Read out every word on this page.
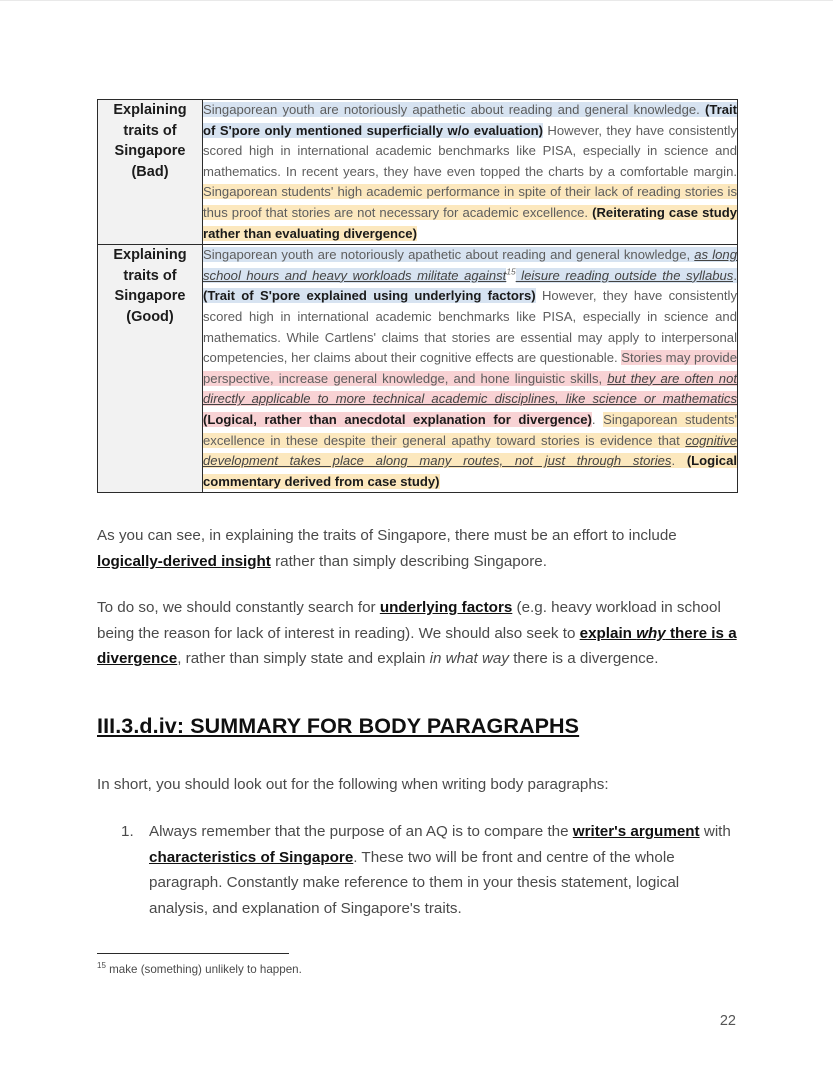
Explaining traits of Singapore (Bad)	Singaporean youth are notoriously apathetic about reading and general knowledge. (Trait of S'pore only mentioned superficially w/o evaluation) However, they have consistently scored high in international academic benchmarks like PISA, especially in science and mathematics. In recent years, they have even topped the charts by a comfortable margin. Singaporean students' high academic performance in spite of their lack of reading stories is thus proof that stories are not necessary for academic excellence. (Reiterating case study rather than evaluating divergence)

Explaining traits of Singapore (Good)	Singaporean youth are notoriously apathetic about reading and general knowledge, as long school hours and heavy workloads militate against$^{15}$ leisure reading outside the syllabus. (Trait of S'pore explained using underlying factors) However, they have consistently scored high in international academic benchmarks like PISA, especially in science and mathematics. While Cartlens' claims that stories are essential may apply to interpersonal competencies, her claims about their cognitive effects are questionable. Stories may provide perspective, increase general knowledge, and hone linguistic skills, but they are often not directly applicable to more technical academic disciplines, like science or mathematics (Logical, rather than anecdotal explanation for divergence). Singaporean students' excellence in these despite their general apathy toward stories is evidence that cognitive development takes place along many routes, not just through stories. (Logical commentary derived from case study)

As you can see, in explaining the traits of Singapore, there must be an effort to include logically-derived insight rather than simply describing Singapore.

To do so, we should constantly search for underlying factors (e.g. heavy workload in school being the reason for lack of interest in reading). We should also seek to explain why there is a divergence, rather than simply state and explain in what way there is a divergence.

III.3.d.iv: SUMMARY FOR BODY PARAGRAPHS

In short, you should look out for the following when writing body paragraphs:

Always remember that the purpose of an AQ is to compare the writer's argument with characteristics of Singapore. These two will be front and centre of the whole paragraph. Constantly make reference to them in your thesis statement, logical analysis, and explanation of Singapore's traits.

$^{15}$ make (something) unlikely to happen.

22
